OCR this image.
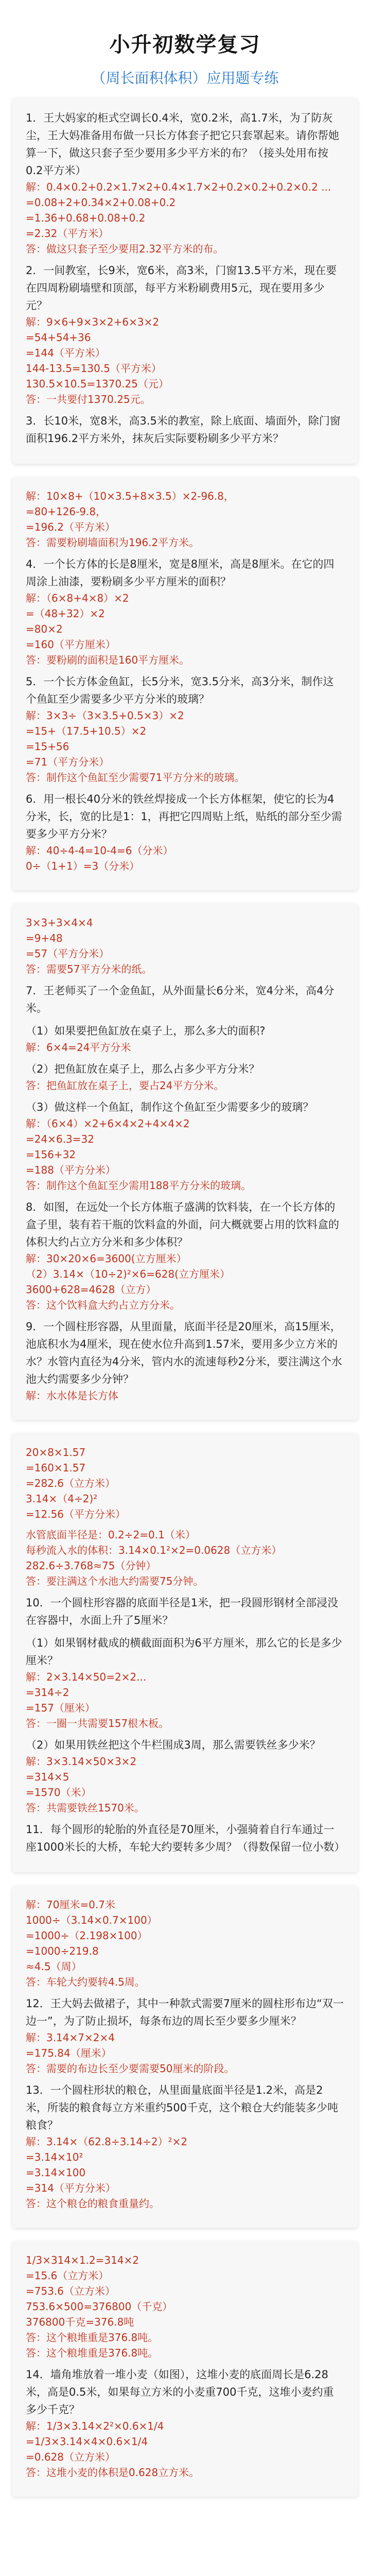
小升初数学复习
（周长面积体积）应用题专练
1．王大妈家的柜式空调长0.4米，宽0.2米，高1.7米，为了防灰尘，王大妈准备用布做一只长方体套子把它只套罩起来。请你帮她算一下，做这只套子至少要用多少平方米的布？（接头处用布按0.2平方米）
解：0.4×0.2+0.2×1.7×2+0.4×1.7×2+0.2×0.2+0.2×0.2 ...
=0.08+2+0.34×2+0.08+0.2
=1.36+0.68+0.08+0.2
=2.32（平方米）
答：做这只套子至少要用2.32平方米的布。
2．一间教室，长9米，宽6米，高3米，门窗13.5平方米，现在要在四周粉刷墙壁和顶部，每平方米粉刷费用5元，现在要用多少元？
解：9×6+9×3×2+6×3×2
=54+54+36
=144（平方米）
144-13.5=130.5（平方米）
130.5×10.5=1370.25（元）
答：一共要付1370.25元。
3．长10米，宽8米，高3.5米的教室，除上底面、墙面外，除门窗面积196.2平方米外，抹灰后实际要粉刷多少平方米？
解：10×8+（10×3.5+8×3.5）×2-96.8，
=80+126-9.8，
=196.2（平方米）
答：需要粉刷墙面积为196.2平方米。
4．一个长方体的长是8厘米，宽是8厘米，高是8厘米。在它的四周涂上油漆，要粉刷多少平方厘米的面积？
解：（6×8+4×8）×2
=（48+32）×2
=80×2
=160（平方厘米）
答：要粉刷的面积是160平方厘米。
5．一个长方体金鱼缸，长5分米，宽3.5分米，高3分米，制作这个鱼缸至少需要多少平方分米的玻璃？
解：3×3÷（3×3.5+0.5×3）×2
=15+（17.5+10.5）×2
=15+56
=71（平方分米）
答：制作这个鱼缸至少需要71平方分米的玻璃。
6．用一根长40分米的铁丝焊接成一个长方体框架，使它的长为4分米，长，宽的比是1：1，再把它四周贴上纸，贴纸的部分至少需要多少平方分米？
解：40÷4-4=10-4=6（分米）
0÷（1+1）=3（分米）
3×3+3×4×4
=9+48
=57（平方分米）
答：需要57平方分米的纸。
7．王老师买了一个金鱼缸，从外面量长6分米，宽4分米，高4分米。
（1）如果要把鱼缸放在桌子上，那么多大的面积?
解：6×4=24平方分米
（2）把鱼缸放在桌子上，那么占多少平方分米？
答：把鱼缸放在桌子上，要占24平方分米。
（3）做这样一个鱼缸，制作这个鱼缸至少需要多少的玻璃？
解：（6×4）×2+6×4×2+4×4×2
=24×6.3=32
=156+32
=188（平方分米）
答：制作这个鱼缸至少需用188平方分米的玻璃。
8．如图，在远处一个长方体瓶子盛满的饮料装，在一个长方体的盒子里，装有若干瓶的饮料盒的外面，问大概就要占用的饮料盒的体积大约占立方分米和多少体积？
解：30×20×6=3600(立方厘米）
（2）3.14×（10÷2)²×6=628(立方厘米）
3600+628=4628（立方）
答：这个饮料盒大约占立方分米。
9．一个圆柱形容器，从里面量，底面半径是20厘米，高15厘米，池底积水为4厘米，现在使水位升高到1.57米，要用多少立方米的水？水管内直径为4分米，管内水的流速每秒2分米，要注满这个水池大约需要多少分钟？
解：水水体是长方体
20×8×1.57
=160×1.57
=282.6（立方米）
3.14×（4÷2)²
=12.56（平方分米）
水管底面半径是：0.2÷2=0.1（米）
每秒流入水的体积：3.14×0.1²×2=0.0628（立方米）
282.6÷3.768≈75（分钟）
答：要注满这个水池大约需要75分钟。
10．一个圆柱形容器的底面半径是1米，把一段圆形钢材全部浸没在容器中，水面上升了5厘米？
（1）如果钢材截成的横截面面积为6平方厘米，那么它的长是多少厘米？
解：2×3.14×50=2×2...
=314÷2
=157（厘米）
答：一圈一共需要157根木板。
（2）如果用铁丝把这个牛栏围成3周，那么需要铁丝多少米？
解：3×3.14×50×3×2
=314×5
=1570（米）
答：共需要铁丝1570米。
11．每个圆形的轮胎的外直径是70厘米，小强骑着自行车通过一座1000米长的大桥，车轮大约要转多少周？（得数保留一位小数）
解：70厘米=0.7米
1000÷（3.14×0.7×100）
=1000÷（2.198×100）
=1000÷219.8
≈4.5（周）
答：车轮大约要转4.5周。
12．王大妈去做裙子，其中一种款式需要7厘米的圆柱形布边“双一边一”，为了防止损坏，每条布边的周长至少要多少厘米？
解：3.14×7×2×4
=175.84（厘米）
答：需要的布边长至少要需要50厘米的阶段。
13．一个圆柱形状的粮仓，从里面量底面半径是1.2米，高是2米，所装的粮食每立方米重约500千克，这个粮仓大约能装多少吨粮食？
解：3.14×（62.8÷3.14÷2）²×2
=3.14×10²
=3.14×100
=314（平方分米）
答：这个粮仓的粮食重量约。
1/3×314×1.2=314×2
=15.6（立方米）
=753.6（立方米）
753.6×500=376800（千克）
376800千克=376.8吨
答：这个粮堆重是376.8吨。
答：这个粮堆重是376.8吨。
14．墙角堆放着一堆小麦（如图），这堆小麦的底面周长是6.28米，高是0.5米，如果每立方米的小麦重700千克，这堆小麦约重多少千克？
解：1/3×3.14×2²×0.6×1/4
=1/3×3.14×4×0.6×1/4
=0.628（立方米）
答：这堆小麦的体积是0.628立方米。
